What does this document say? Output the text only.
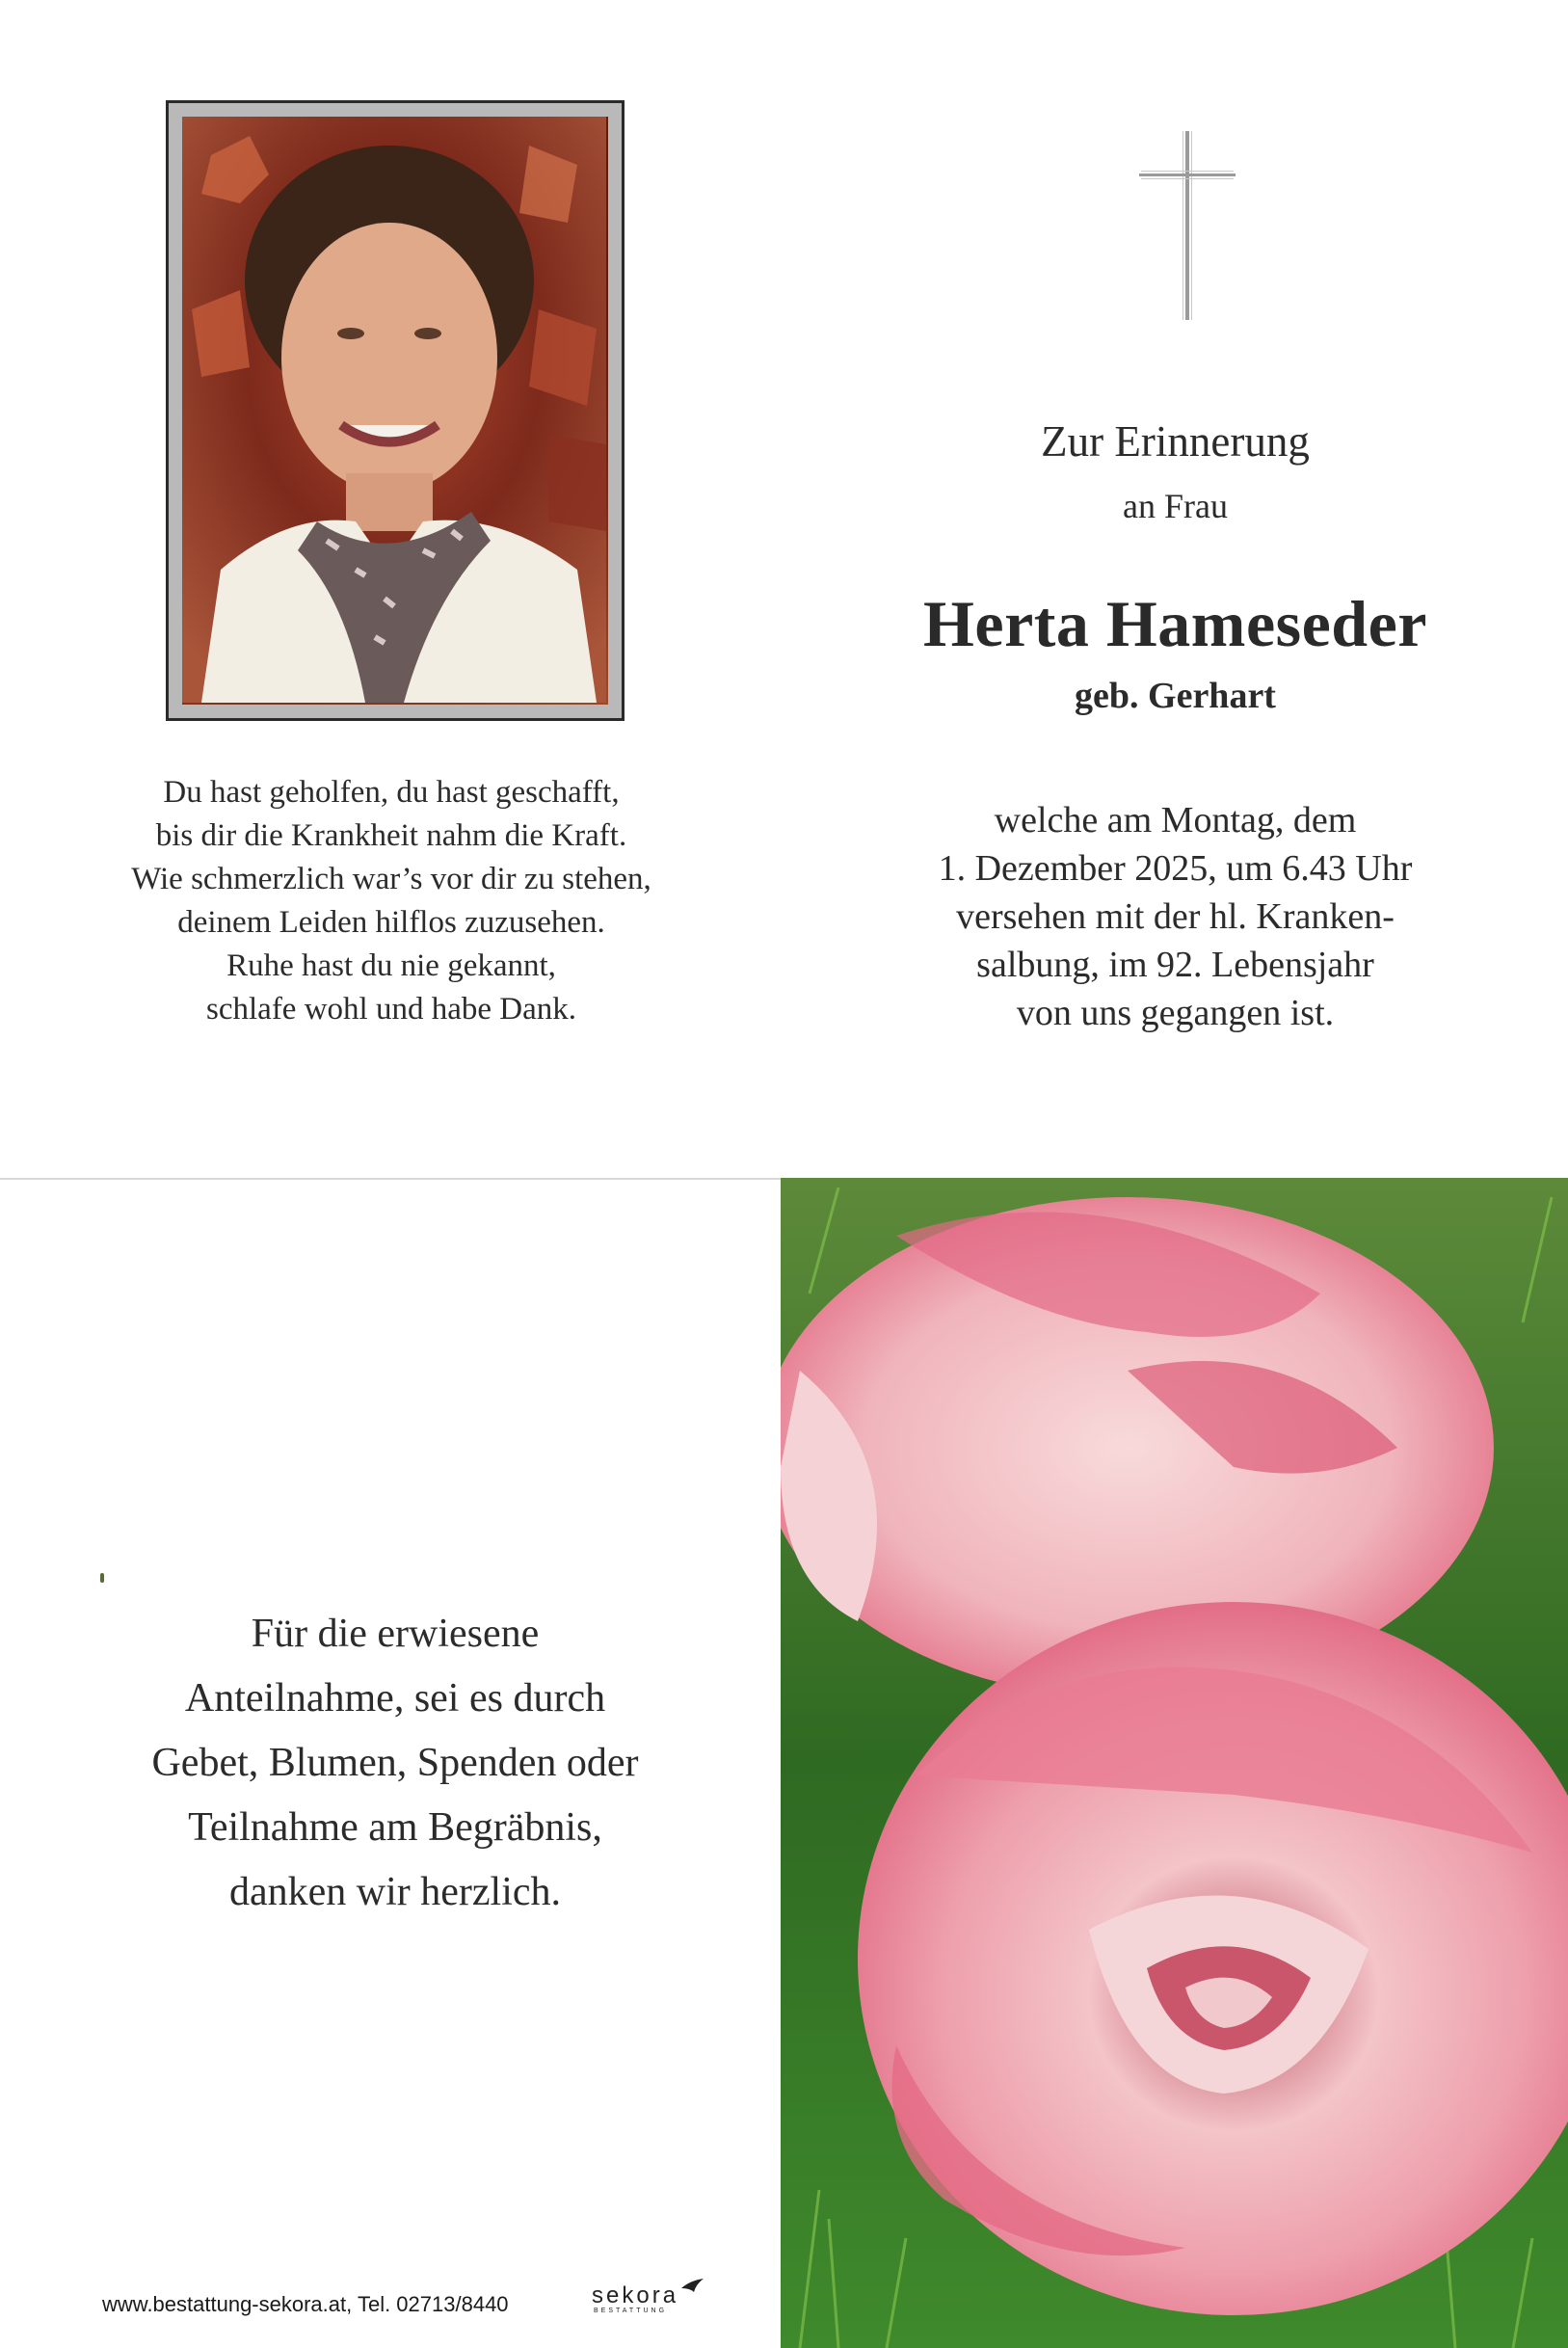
Du hast geholfen, du hast geschafft,
bis dir die Krankheit nahm die Kraft.
Wie schmerzlich war’s vor dir zu stehen,
deinem Leiden hilflos zuzusehen.
Ruhe hast du nie gekannt,
schlafe wohl und habe Dank.
Zur Erinnerung
an Frau
Herta Hameseder
geb. Gerhart
welche am Montag, dem
1. Dezember 2025, um 6.43 Uhr
versehen mit der hl. Kranken-
salbung, im 92. Lebensjahr
von uns gegangen ist.
Für die erwiesene
Anteilnahme, sei es durch
Gebet, Blumen, Spenden oder
Teilnahme am Begräbnis,
danken wir herzlich.
www.bestattung-sekora.at, Tel. 02713/8440	sekora
BESTATTUNG
